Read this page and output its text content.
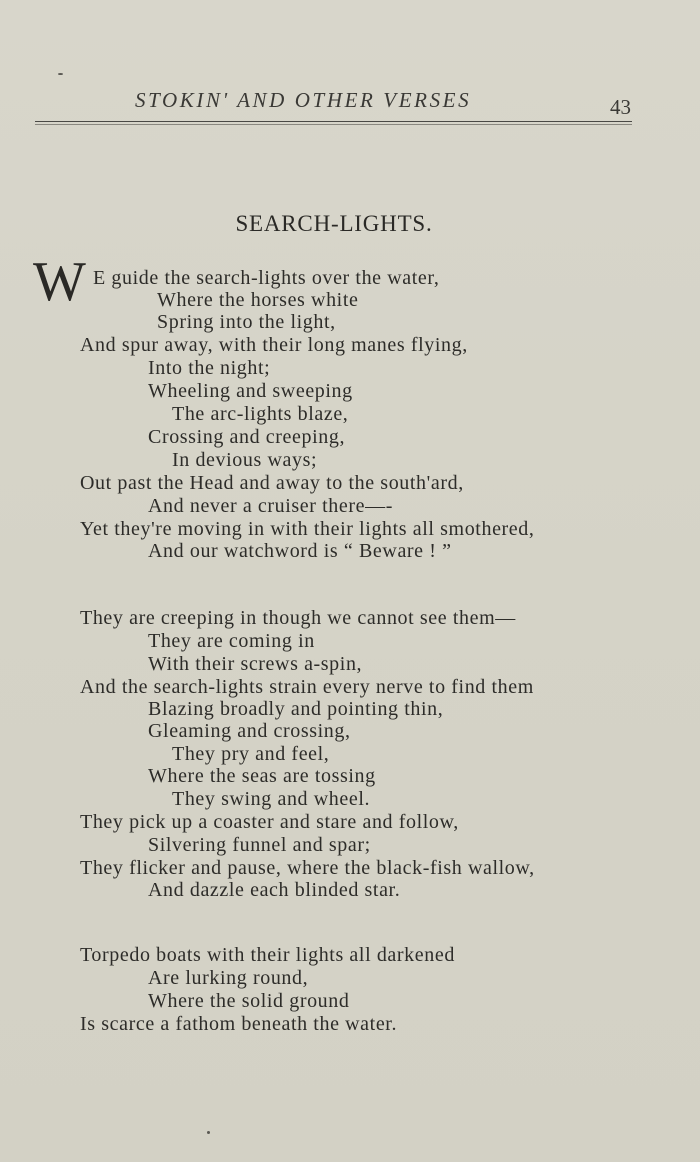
STOKIN' AND OTHER VERSES	43
SEARCH-LIGHTS.
W E guide the search-lights over the water,
Where the horses white
Spring into the light,
And spur away, with their long manes flying,
Into the night;
Wheeling and sweeping
The arc-lights blaze,
Crossing and creeping,
In devious ways;
Out past the Head and away to the south'ard,
And never a cruiser there—-
Yet they're moving in with their lights all smothered,
And our watchword is “ Beware ! ”
They are creeping in though we cannot see them—
They are coming in
With their screws a-spin,
And the search-lights strain every nerve to find them
Blazing broadly and pointing thin,
Gleaming and crossing,
They pry and feel,
Where the seas are tossing
They swing and wheel.
They pick up a coaster and stare and follow,
Silvering funnel and spar;
They flicker and pause, where the black-fish wallow,
And dazzle each blinded star.
Torpedo boats with their lights all darkened
Are lurking round,
Where the solid ground
Is scarce a fathom beneath the water.
